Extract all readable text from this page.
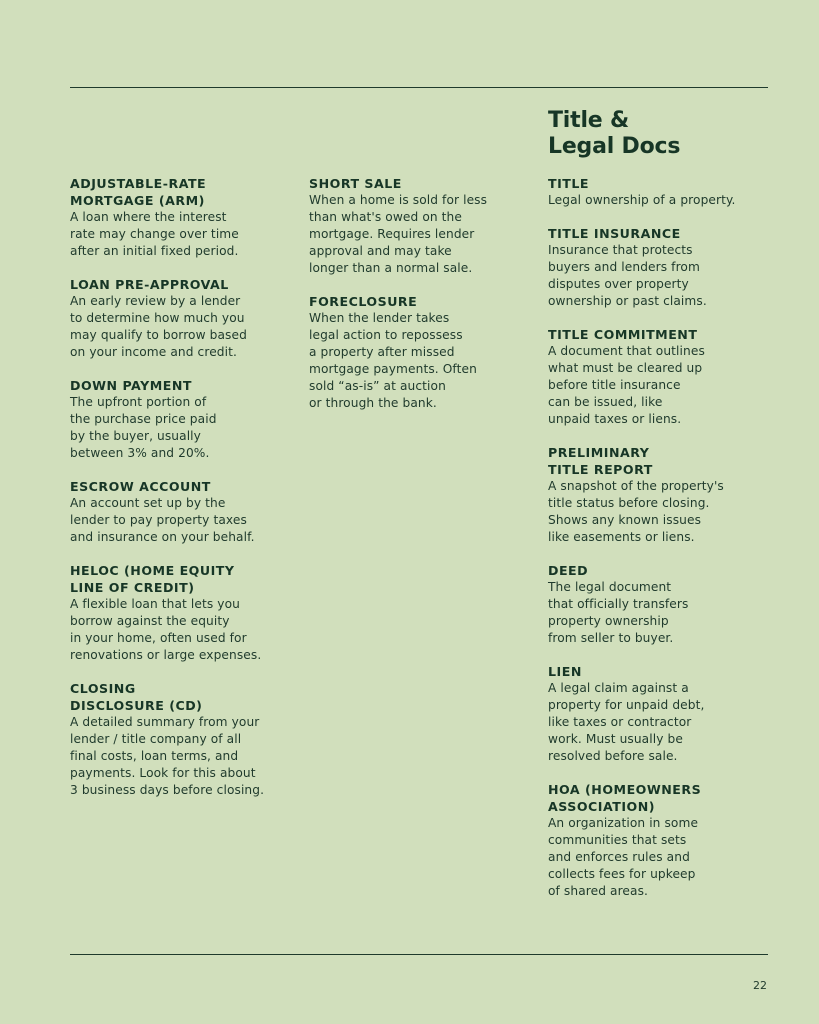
Title &
Legal Docs
ADJUSTABLE-RATE
MORTGAGE (ARM)

A loan where the interest
rate may change over time
after an initial fixed period.

LOAN PRE-APPROVAL

An early review by a lender
to determine how much you
may qualify to borrow based
on your income and credit.

DOWN PAYMENT

The upfront portion of
the purchase price paid
by the buyer, usually
between 3% and 20%.

ESCROW ACCOUNT

An account set up by the
lender to pay property taxes
and insurance on your behalf.

HELOC (HOME EQUITY
LINE OF CREDIT)

A flexible loan that lets you
borrow against the equity
in your home, often used for
renovations or large expenses.

CLOSING
DISCLOSURE (CD)

A detailed summary from your
lender / title company of all
final costs, loan terms, and
payments. Look for this about
3 business days before closing.

SHORT SALE

When a home is sold for less
than what's owed on the
mortgage. Requires lender
approval and may take
longer than a normal sale.

FORECLOSURE

When the lender takes
legal action to repossess
a property after missed
mortgage payments. Often
sold “as-is” at auction
or through the bank.

TITLE

Legal ownership of a property.

TITLE INSURANCE

Insurance that protects
buyers and lenders from
disputes over property
ownership or past claims.

TITLE COMMITMENT

A document that outlines
what must be cleared up
before title insurance
can be issued, like
unpaid taxes or liens.

PRELIMINARY
TITLE REPORT

A snapshot of the property's
title status before closing.
Shows any known issues
like easements or liens.

DEED

The legal document
that officially transfers
property ownership
from seller to buyer.

LIEN

A legal claim against a
property for unpaid debt,
like taxes or contractor
work. Must usually be
resolved before sale.

HOA (HOMEOWNERS
ASSOCIATION)

An organization in some
communities that sets
and enforces rules and
collects fees for upkeep
of shared areas.

22
